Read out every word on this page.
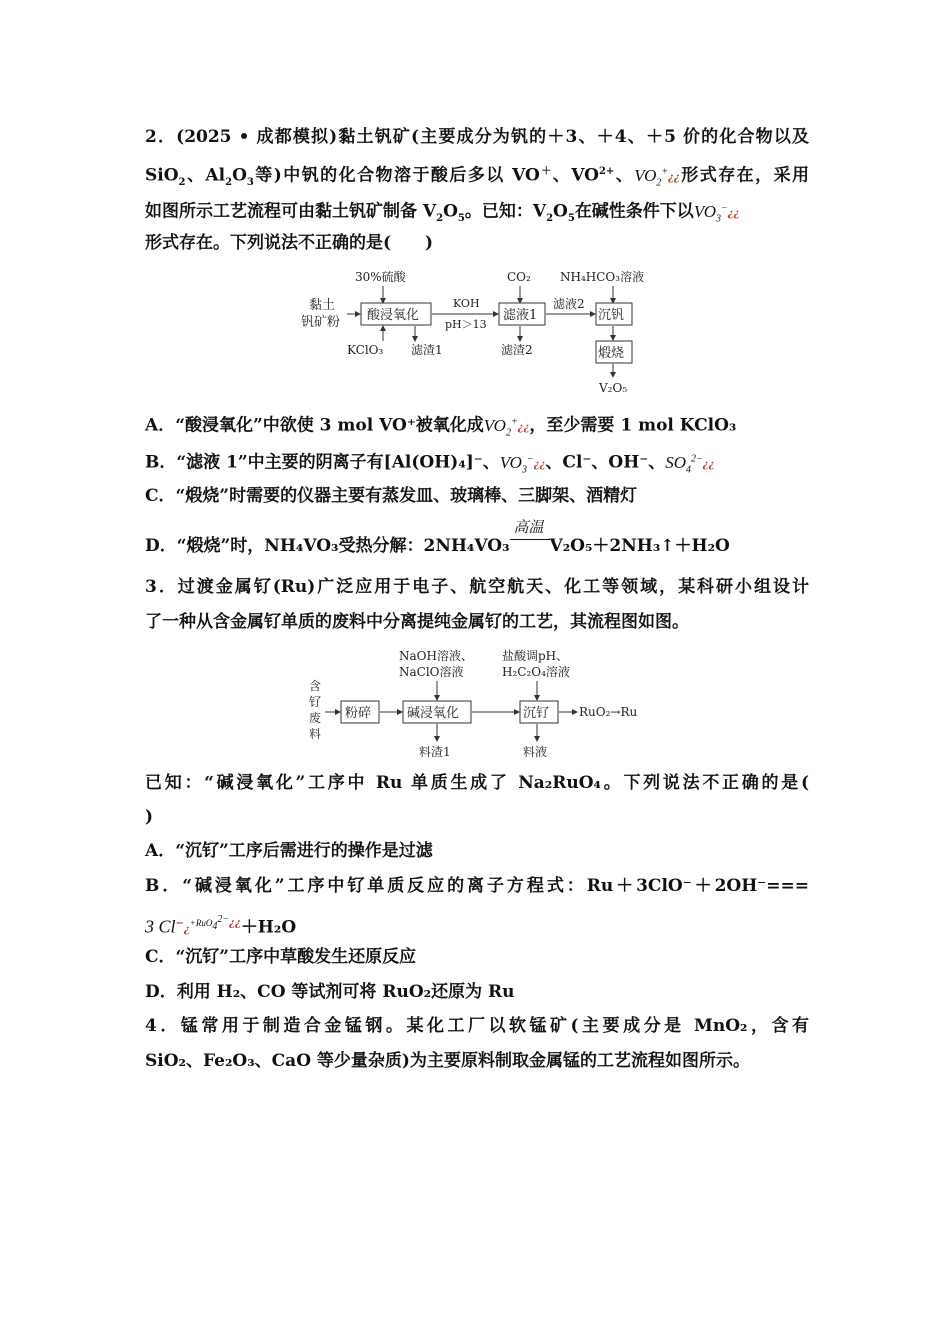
2．(2025 • 成都模拟)黏土钒矿(主要成分为钒的＋3、＋4、＋5 价的化合物以及
SiO$_2$、$Al_2O_3$等)中钒的化合物溶于酸后多以 VO＋、$VO^{2+}$、$VO_2^+¿¿$形式存在，采用
如图所示工艺流程可由黏土钒矿制备 $V_2O_5$。已知：$V_2O_5$在碱性条件下以$VO_3^-¿¿$
形式存在。下列说法不正确的是(　　)
黏土
钒矿粉
30%硫酸
酸浸氧化
KClO₃ 滤渣1
KOH
pH＞13
CO₂
滤液1
滤渣2
滤液2
NH₄HCO₃溶液
沉钒
煅烧
V₂O₅
A．“酸浸氧化”中欲使 3 mol VO⁺被氧化成$VO_2^+¿¿$，至少需要 1 mol KClO₃
B．“滤液 1”中主要的阴离子有[Al(OH)₄]⁻、$VO_3^-¿¿$、Cl⁻、OH⁻、$SO_4^{2-}¿¿$
C．“煅烧”时需要的仪器主要有蒸发皿、玻璃棒、三脚架、酒精灯
D．“煅烧”时，NH₄VO₃受热分解：2NH₄VO₃
高温
V₂O₅＋2NH₃↑＋H₂O
3．过渡金属钌(Ru)广泛应用于电子、航空航天、化工等领域，某科研小组设计
了一种从含金属钌单质的废料中分离提纯金属钌的工艺，其流程图如图。
含
钌
废
料
粉碎
NaOH溶液、
NaClO溶液
碱浸氧化
料渣1
盐酸调pH、
H₂C₂O₄溶液
沉钌
料液
RuO₂→Ru
已知：“碱浸氧化”工序中 Ru 单质生成了 Na₂RuO₄。下列说法不正确的是(
)
A．“沉钌”工序后需进行的操作是过滤
B．“碱浸氧化”工序中钌单质反应的离子方程式：Ru＋3ClO⁻＋2OH⁻===
3 Cl−¿$^{+RuO_4^{2-}¿¿}$＋H₂O
C．“沉钌”工序中草酸发生还原反应
D．利用 H₂、CO 等试剂可将 RuO₂还原为 Ru
4．锰常用于制造合金锰钢。某化工厂以软锰矿(主要成分是 MnO₂，含有
SiO₂、Fe₂O₃、CaO 等少量杂质)为主要原料制取金属锰的工艺流程如图所示。
